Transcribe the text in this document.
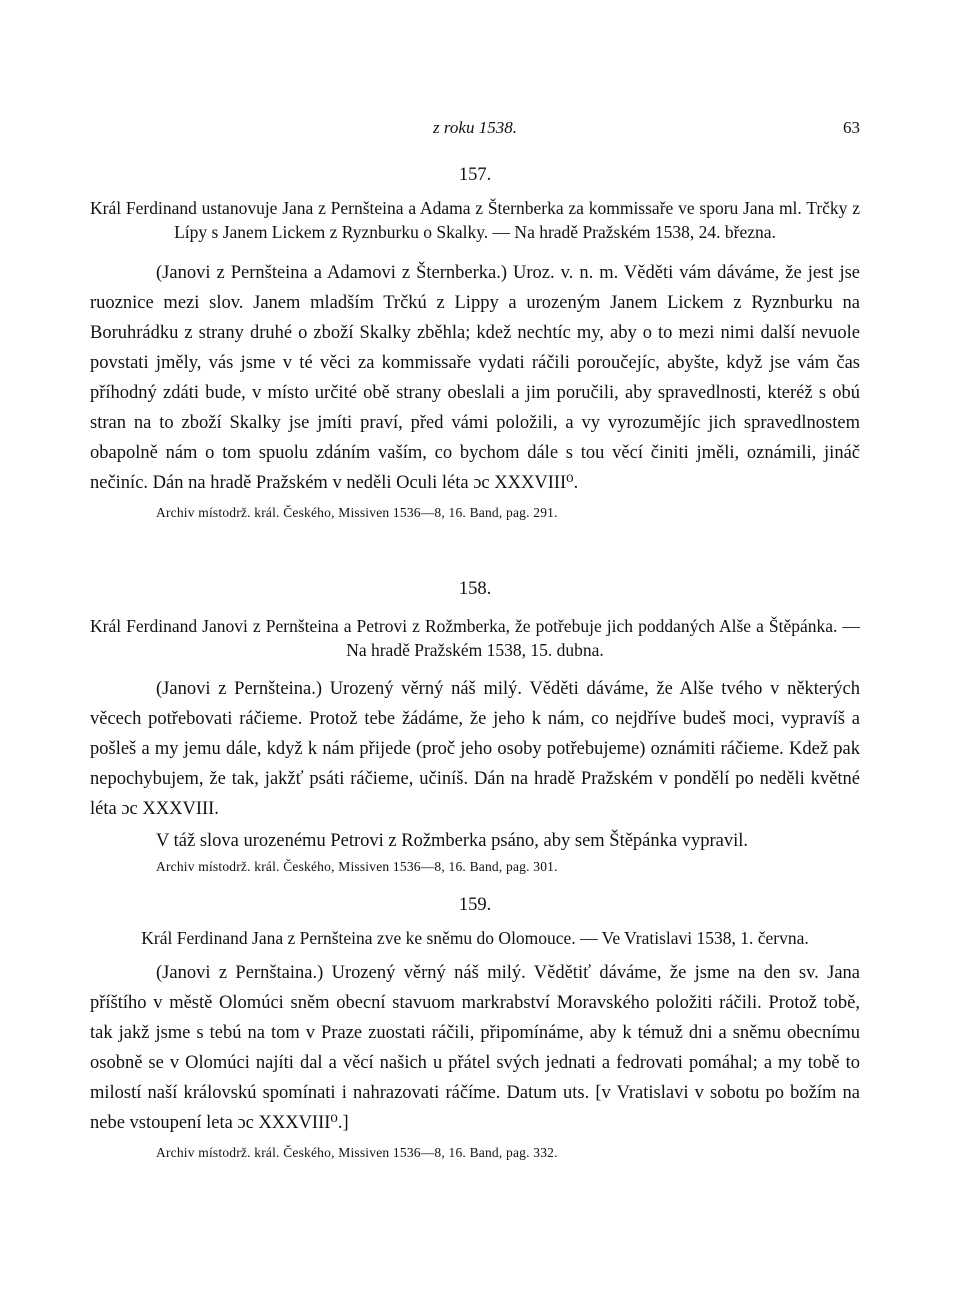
z roku 1538.	63

157.

Král Ferdinand ustanovuje Jana z Pernšteina a Adama z Šternberka za kommissaře ve sporu Jana ml. Trčky z Lípy s Janem Lickem z Ryznburku o Skalky. — Na hradě Pražském 1538, 24. března.

(Janovi z Pernšteina a Adamovi z Šternberka.) Uroz. v. n. m. Věděti vám dáváme, že jest jse ruoznice mezi slov. Janem mladším Trčkú z Lippy a urozeným Janem Lickem z Ryznburku na Boruhrádku z strany druhé o zboží Skalky zběhla; kdež nechtíc my, aby o to mezi nimi další nevuole povstati jměly, vás jsme v té věci za kommissaře vydati ráčili poroučejíc, abyšte, když jse vám čas příhodný zdáti bude, v místo určité obě strany obeslali a jim poručili, aby spravedlnosti, kteréž s obú stran na to zboží Skalky jse jmíti praví, před vámi položili, a vy vyrozumějíc jich spravedlnostem obapolně nám o tom spuolu zdáním vaším, co bychom dále s tou věcí činiti jměli, oznámili, jináč nečiníc. Dán na hradě Pražském v neděli Oculi léta ɔc XXXVIII⁰.

Archiv místodrž. král. Českého, Missiven 1536—8, 16. Band, pag. 291.

158.

Král Ferdinand Janovi z Pernšteina a Petrovi z Rožmberka, že potřebuje jich poddaných Alše a Štěpánka. — Na hradě Pražském 1538, 15. dubna.

(Janovi z Pernšteina.) Urozený věrný náš milý. Věděti dáváme, že Alše tvého v některých věcech potřebovati ráčieme. Protož tebe žádáme, že jeho k nám, co nejdříve budeš moci, vypravíš a pošleš a my jemu dále, když k nám přijede (proč jeho osoby potřebujeme) oznámiti ráčieme. Kdež pak nepochybujem, že tak, jakžť psáti ráčieme, učiníš. Dán na hradě Pražském v pondělí po neděli květné léta ɔc XXXVIII.

V táž slova urozenému Petrovi z Rožmberka psáno, aby sem Štěpánka vypravil.

Archiv místodrž. král. Českého, Missiven 1536—8, 16. Band, pag. 301.

159.

Král Ferdinand Jana z Pernšteina zve ke sněmu do Olomouce. — Ve Vratislavi 1538, 1. června.

(Janovi z Pernštaina.) Urozený věrný náš milý. Vědětiť dáváme, že jsme na den sv. Jana příštího v městě Olomúci sněm obecní stavuom markrabství Moravského položiti ráčili. Protož tobě, tak jakž jsme s tebú na tom v Praze zuostati ráčili, připomínáme, aby k témuž dni a sněmu obecnímu osobně se v Olomúci najíti dal a věcí našich u přátel svých jednati a fedrovati pomáhal; a my tobě to milostí naší královskú spomínati i nahrazovati ráčíme. Datum uts. [v Vratislavi v sobotu po božím na nebe vstoupení leta ɔc XXXVIII⁰.]

Archiv místodrž. král. Českého, Missiven 1536—8, 16. Band, pag. 332.
